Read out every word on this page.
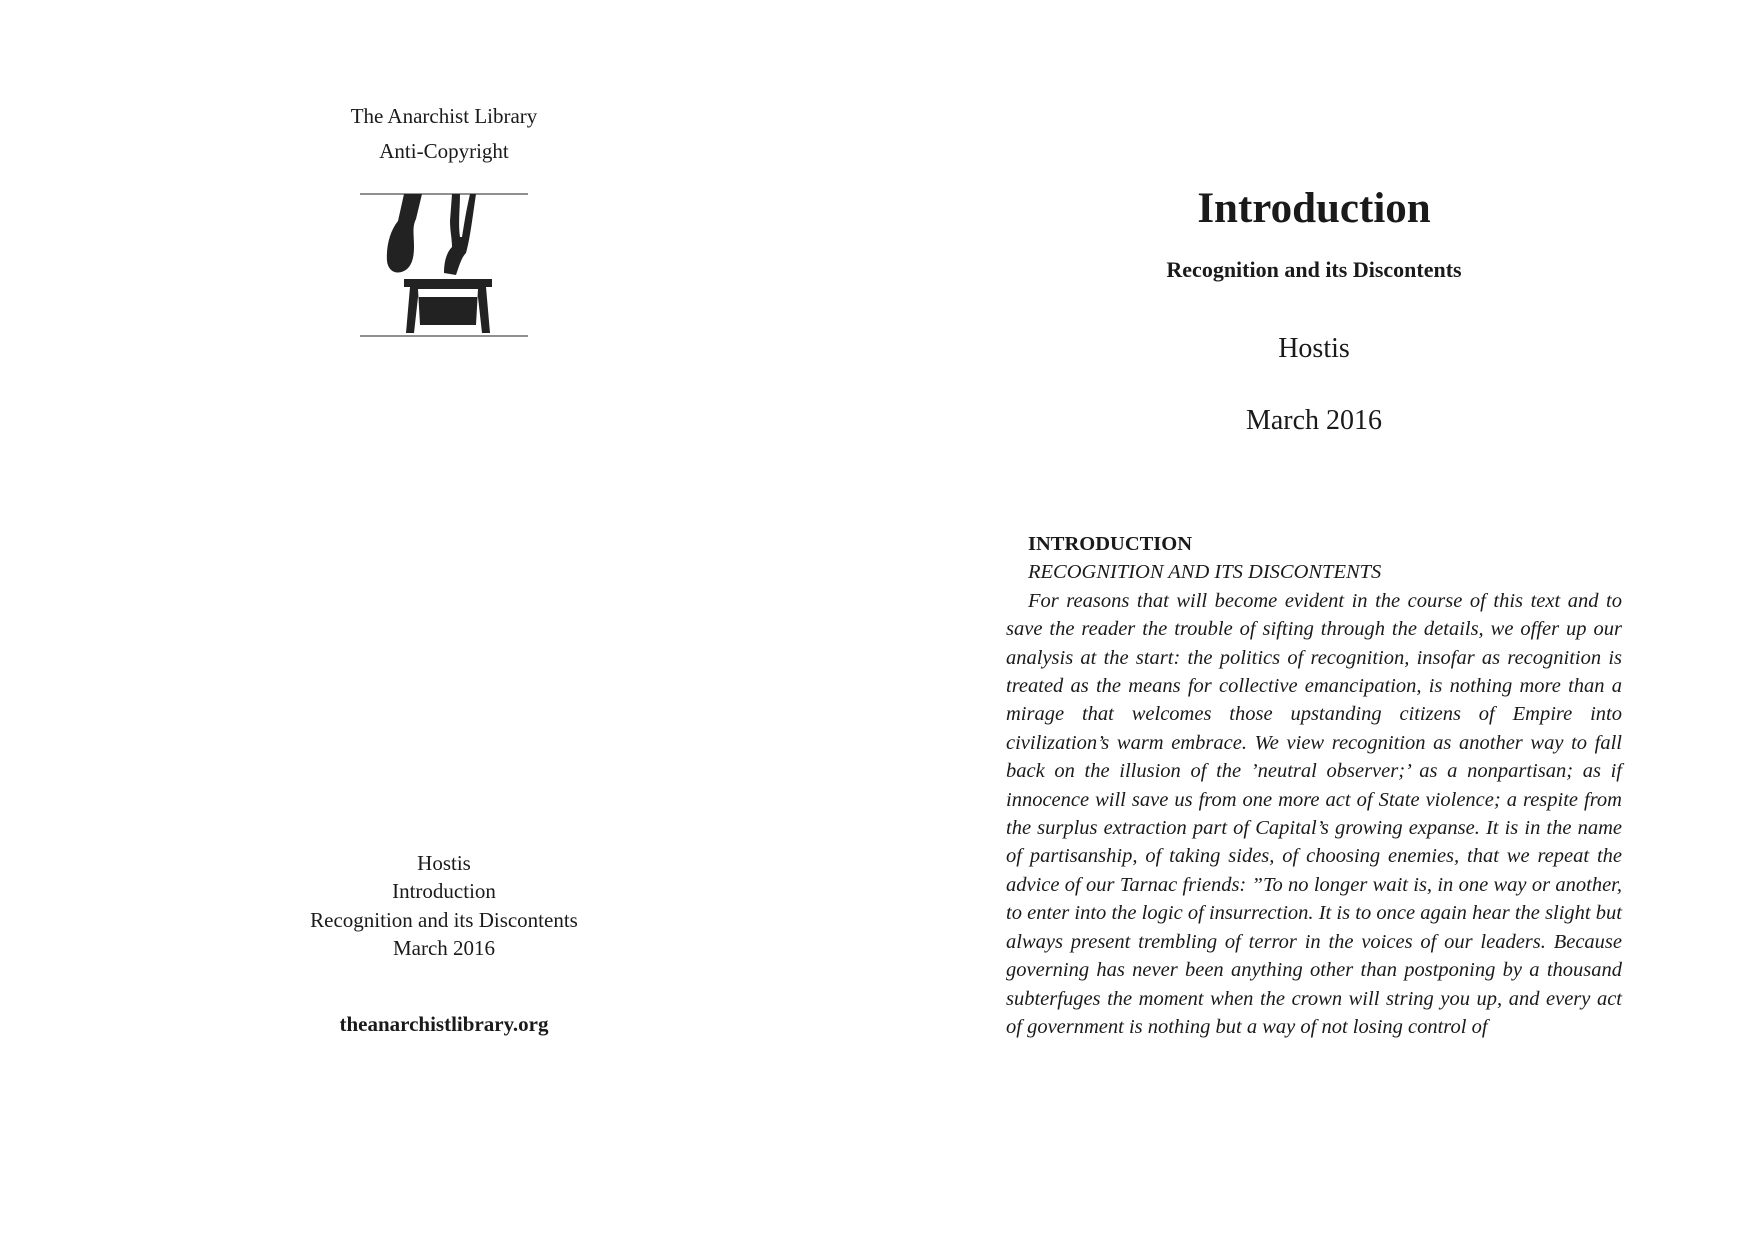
The Anarchist Library
Anti-Copyright
Hostis
Introduction
Recognition and its Discontents
March 2016
theanarchistlibrary.org
Introduction
Recognition and its Discontents
Hostis
March 2016

INTRODUCTION

RECOGNITION AND ITS DISCONTENTS

For reasons that will become evident in the course of this text and to save the reader the trouble of sifting through the details, we offer up our analysis at the start: the politics of recognition, insofar as recognition is treated as the means for collective emancipation, is nothing more than a mirage that welcomes those upstanding citizens of Empire into civilization’s warm embrace. We view recognition as another way to fall back on the illusion of the ’neutral observer;’ as a nonpartisan; as if innocence will save us from one more act of State violence; a respite from the surplus extraction part of Capital’s growing expanse. It is in the name of partisanship, of taking sides, of choosing enemies, that we repeat the advice of our Tarnac friends: ”To no longer wait is, in one way or another, to enter into the logic of insurrection. It is to once again hear the slight but always present trembling of terror in the voices of our leaders. Because governing has never been anything other than postponing by a thousand subterfuges the moment when the crown will string you up, and every act of government is nothing but a way of not losing control of
